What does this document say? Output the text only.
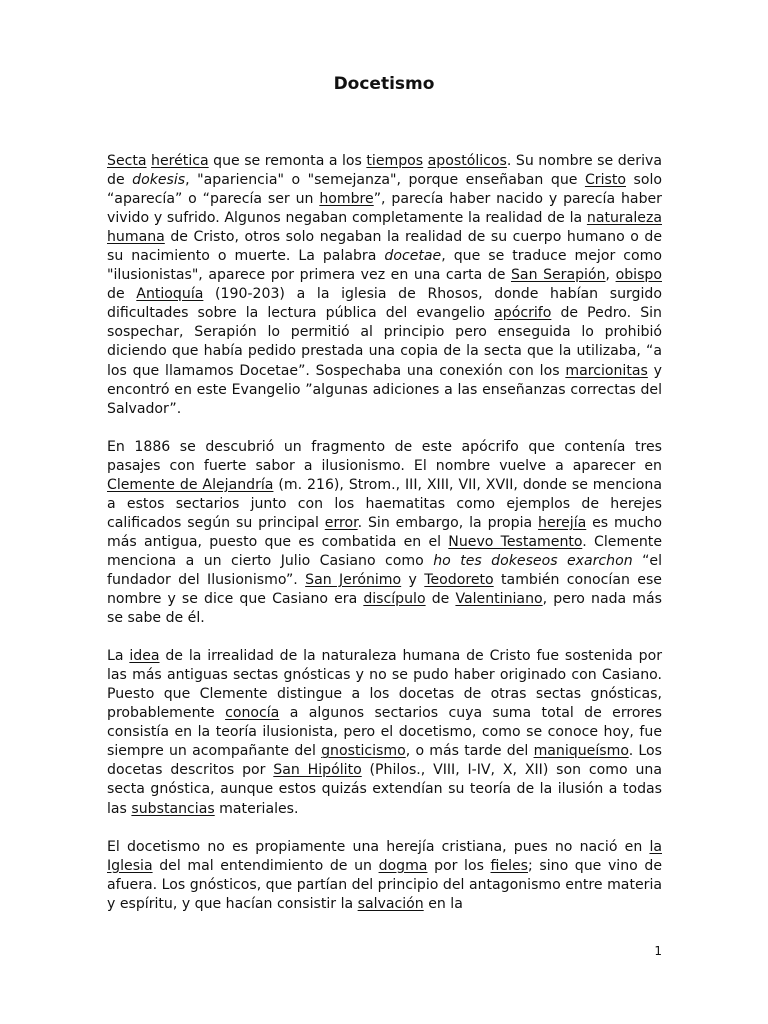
Docetismo

Secta herética que se remonta a los tiempos apostólicos. Su nombre se deriva de dokesis, "apariencia" o "semejanza", porque enseñaban que Cristo solo “aparecía” o “parecía ser un hombre”, parecía haber nacido y parecía haber vivido y sufrido. Algunos negaban completamente la realidad de la naturaleza humana de Cristo, otros solo negaban la realidad de su cuerpo humano o de su nacimiento o muerte. La palabra docetae, que se traduce mejor como "ilusionistas", aparece por primera vez en una carta de San Serapión, obispo de Antioquía (190-203) a la iglesia de Rhosos, donde habían surgido dificultades sobre la lectura pública del evangelio apócrifo de Pedro. Sin sospechar, Serapión lo permitió al principio pero enseguida lo prohibió diciendo que había pedido prestada una copia de la secta que la utilizaba, “a los que llamamos Docetae”. Sospechaba una conexión con los marcionitas y encontró en este Evangelio ”algunas adiciones a las enseñanzas correctas del Salvador”.

En 1886 se descubrió un fragmento de este apócrifo que contenía tres pasajes con fuerte sabor a ilusionismo. El nombre vuelve a aparecer en Clemente de Alejandría (m. 216), Strom., III, XIII, VII, XVII, donde se menciona a estos sectarios junto con los haematitas como ejemplos de herejes calificados según su principal error. Sin embargo, la propia herejía es mucho más antigua, puesto que es combatida en el Nuevo Testamento. Clemente menciona a un cierto Julio Casiano como ho tes dokeseos exarchon “el fundador del Ilusionismo”. San Jerónimo y Teodoreto también conocían ese nombre y se dice que Casiano era discípulo de Valentiniano, pero nada más se sabe de él.

La idea de la irrealidad de la naturaleza humana de Cristo fue sostenida por las más antiguas sectas gnósticas y no se pudo haber originado con Casiano. Puesto que Clemente distingue a los docetas de otras sectas gnósticas, probablemente conocía a algunos sectarios cuya suma total de errores consistía en la teoría ilusionista, pero el docetismo, como se conoce hoy, fue siempre un acompañante del gnosticismo, o más tarde del maniqueísmo. Los docetas descritos por San Hipólito (Philos., VIII, I-IV, X, XII) son como una secta gnóstica, aunque estos quizás extendían su teoría de la ilusión a todas las substancias materiales.

El docetismo no es propiamente una herejía cristiana, pues no nació en la Iglesia del mal entendimiento de un dogma por los fieles; sino que vino de afuera. Los gnósticos, que partían del principio del antagonismo entre materia y espíritu, y que hacían consistir la salvación en la

1
